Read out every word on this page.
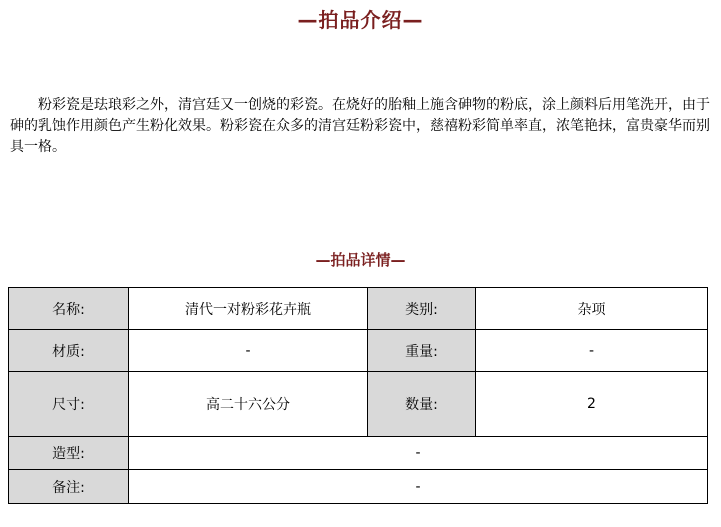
—拍品介绍—

粉彩瓷是珐琅彩之外，清宫廷又一创烧的彩瓷。在烧好的胎釉上施含砷物的粉底，涂上颜料后用笔洗开，由于砷的乳蚀作用颜色产生粉化效果。粉彩瓷在众多的清宫廷粉彩瓷中，慈禧粉彩简单率直，浓笔艳抹，富贵豪华而别具一格。

—拍品详情—
名称:	清代一对粉彩花卉瓶	类别:	杂项
材质:	-	重量:	-
尺寸:	高二十六公分	数量:	2
造型:	-		
备注:	-		
